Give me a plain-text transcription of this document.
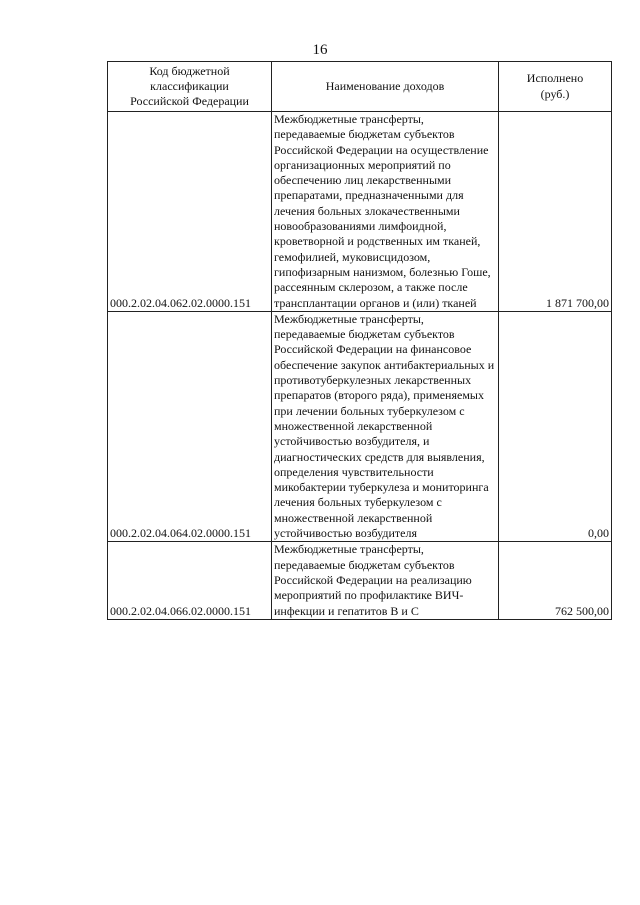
16
Код бюджетной
классификации
Российской Федерации	Наименование доходов	Исполнено
(руб.)

000.2.02.04.062.02.0000.151	Межбюджетные трансферты, передаваемые бюджетам субъектов Российской Федерации на осуществление организационных мероприятий по обеспечению лиц лекарственными препаратами, предназначенными для лечения больных злокачественными новообразованиями лимфоидной, кроветворной и родственных им тканей, гемофилией, муковисцидозом, гипофизарным нанизмом, болезнью Гоше, рассеянным склерозом, а также после трансплантации органов и (или) тканей	1 871 700,00
000.2.02.04.064.02.0000.151	Межбюджетные трансферты, передаваемые бюджетам субъектов Российской Федерации на финансовое обеспечение закупок антибактериальных и противотуберкулезных лекарственных препаратов (второго ряда), применяемых при лечении больных туберкулезом с множественной лекарственной устойчивостью возбудителя, и диагностических средств для выявления, определения чувствительности микобактерии туберкулеза и мониторинга лечения больных туберкулезом с множественной лекарственной устойчивостью возбудителя	0,00
000.2.02.04.066.02.0000.151	Межбюджетные трансферты, передаваемые бюджетам субъектов Российской Федерации на реализацию мероприятий по профилактике ВИЧ-инфекции и гепатитов В и С	762 500,00
